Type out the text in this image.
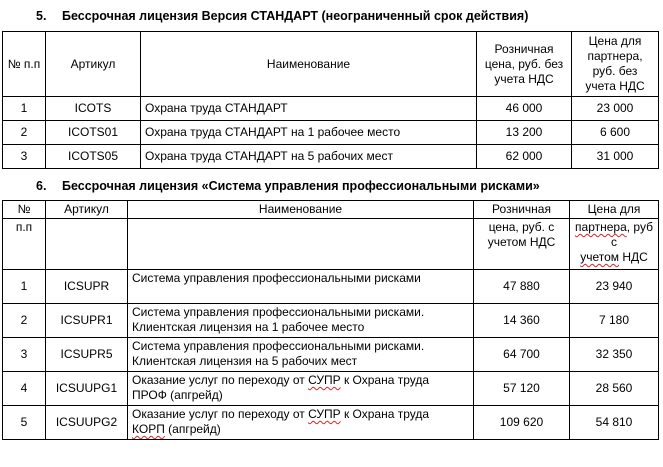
5. Бессрочная лицензия Версия СТАНДАРТ (неограниченный срок действия)
№ п.п	Артикул	Наименование	Розничная цена, руб. без учета НДС	Цена для партнера, руб. без учета НДС
1	ICOTS	Охрана труда СТАНДАРТ	46 000	23 000
2	ICOTS01	Охрана труда СТАНДАРТ на 1 рабочее место	13 200	6 600
3	ICOTS05	Охрана труда СТАНДАРТ на 5 рабочих мест	62 000	31 000
6. Бессрочная лицензия «Система управления профессиональными рисками»
№	Артикул	Наименование	Розничная	Цена для
п.п			цена, руб. с учетом НДС	партнера, руб с
учетом НДС
1	ICSUPR	Система управления профессиональными рисками	47 880	23 940
2	ICSUPR1	Система управления профессиональными рисками.
Клиентская лицензия на 1 рабочее место	14 360	7 180
3	ICSUPR5	Система управления профессиональными рисками.
Клиентская лицензия на 5 рабочих мест	64 700	32 350
4	ICSUUPG1	Оказание услуг по переходу от СУПР к Охрана труда
ПРОФ (апгрейд)	57 120	28 560
5	ICSUUPG2	Оказание услуг по переходу от СУПР к Охрана труда
КОРП (апгрейд)	109 620	54 810
